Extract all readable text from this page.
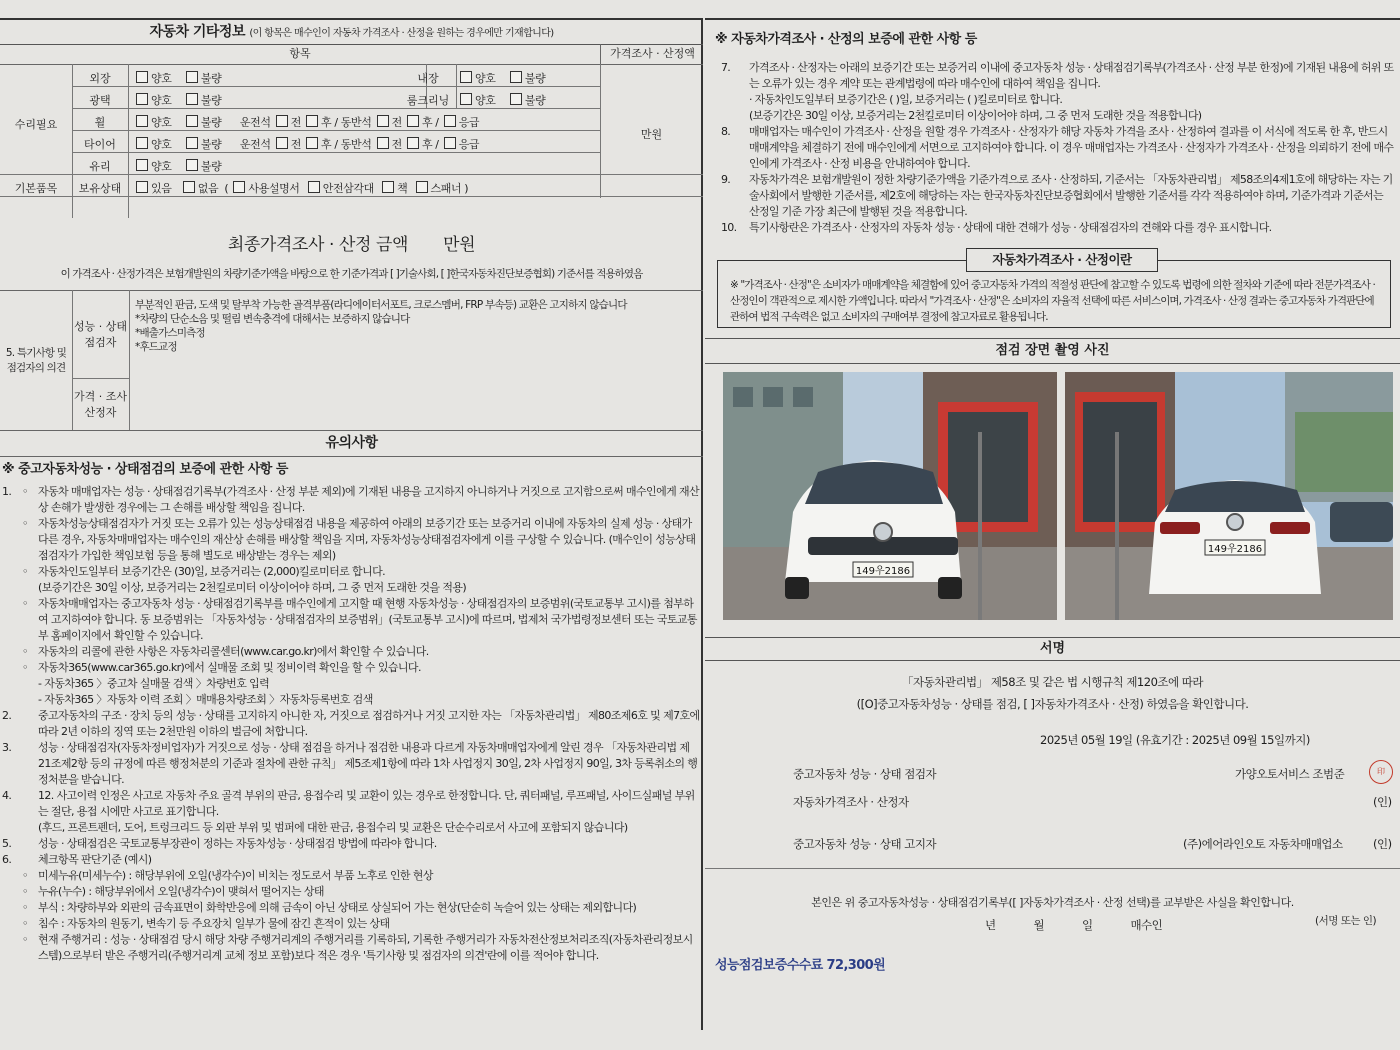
자동차 기타정보 (이 항목은 매수인이 자동차 가격조사 · 산정을 원하는 경우에만 기재합니다)
항목	가격조사 · 산정액
수리필요
만원
외장	양호	불량	내장	양호	불량
광택	양호	불량	룸크리닝	양호	불량
휠	양호	불량 운전석 전 후 / 동반석 전 후 / 응급
타이어	양호	불량 운전석 전 후 / 동반석 전 후 / 응급
유리	양호	불량
기본품목	보유상태	있음 없음  ( 사용설명서 안전삼각대 책 스패너 )
최종가격조사 · 산정 금액 만원
이 가격조사 · 산정가격은 보험개발원의 차량기준가액을 바탕으로 한 기준가격과 [ ]기술사회, [ ]한국자동차진단보증협회) 기준서를 적용하였음
5. 특기사항 및 점검자의 의견
성능 · 상태 점검자
가격 · 조사 산정자
부분적인 판금, 도색 및 탈부착 가능한 골격부품(라디에이터서포트, 크로스멤버, FRP 부속등) 교환은 고지하지 않습니다
*차량의 단순소음 및 떨림 변속충격에 대해서는 보증하지 않습니다
*배출가스미측정
*후드교정
유의사항
※ 중고자동차성능 · 상태점검의 보증에 관한 사항 등
1. ◦ 자동차 매매업자는 성능 · 상태점검기록부(가격조사 · 산정 부분 제외)에 기재된 내용을 고지하지 아니하거나 거짓으로 고지함으로써 매수인에게 재산상 손해가 발생한 경우에는 그 손해를 배상할 책임을 집니다.
◦ 자동차성능상태점검자가 거짓 또는 오류가 있는 성능상태점검 내용을 제공하여 아래의 보증기간 또는 보증거리 이내에 자동차의 실제 성능 · 상태가 다른 경우, 자동차매매업자는 매수인의 재산상 손해를 배상할 책임을 지며, 자동차성능상태점검자에게 이를 구상할 수 있습니다. (매수인이 성능상태점검자가 가입한 책임보험 등을 통해 별도로 배상받는 경우는 제외)
◦ 자동차인도일부터 보증기간은 (30)일, 보증거리는 (2,000)킬로미터로 합니다.
(보증기간은 30일 이상, 보증거리는 2천킬로미터 이상이어야 하며, 그 중 먼저 도래한 것을 적용)
◦ 자동차매매업자는 중고자동차 성능 · 상태점검기록부를 매수인에게 고지할 때 현행 자동차성능 · 상태점검자의 보증범위(국토교통부 고시)를 첨부하여 고지하여야 합니다. 동 보증범위는 「자동차성능 · 상태점검자의 보증범위」(국토교통부 고시)에 따르며, 법제처 국가법령정보센터 또는 국토교통부 홈페이지에서 확인할 수 있습니다.
◦ 자동차의 리콜에 관한 사항은 자동차리콜센터(www.car.go.kr)에서 확인할 수 있습니다.
◦ 자동차365(www.car365.go.kr)에서 실매물 조회 및 정비이력 확인을 할 수 있습니다.
- 자동차365 〉중고차 실매물 검색 〉차량번호 입력
- 자동차365 〉자동차 이력 조회 〉매매용차량조회 〉자동차등록번호 검색
2. 중고자동차의 구조 · 장치 등의 성능 · 상태를 고지하지 아니한 자, 거짓으로 점검하거나 거짓 고지한 자는 「자동차관리법」 제80조제6호 및 제7호에 따라 2년 이하의 징역 또는 2천만원 이하의 벌금에 처합니다.
3. 성능 · 상태점검자(자동차정비업자)가 거짓으로 성능 · 상태 점검을 하거나 점검한 내용과 다르게 자동차매매업자에게 알린 경우 「자동차관리법 제21조제2항 등의 규정에 따른 행정처분의 기준과 절차에 관한 규칙」 제5조제1항에 따라 1차 사업정지 30일, 2차 사업정지 90일, 3차 등록취소의 행정처분을 받습니다.
4. 12. 사고이력 인정은 사고로 자동차 주요 골격 부위의 판금, 용접수리 및 교환이 있는 경우로 한정합니다. 단, 쿼터패널, 루프패널, 사이드실패널 부위는 절단, 용접 시에만 사고로 표기합니다.
(후드, 프론트펜더, 도어, 트렁크리드 등 외판 부위 및 범퍼에 대한 판금, 용접수리 및 교환은 단순수리로서 사고에 포함되지 않습니다)
5. 성능 · 상태점검은 국토교통부장관이 정하는 자동차성능 · 상태점검 방법에 따라야 합니다.
6. 체크항목 판단기준 (예시)
◦ 미세누유(미세누수) : 해당부위에 오일(냉각수)이 비치는 정도로서 부품 노후로 인한 현상
◦ 누유(누수) : 해당부위에서 오일(냉각수)이 맺혀서 떨어지는 상태
◦ 부식 : 차량하부와 외판의 금속표면이 화학반응에 의해 금속이 아닌 상태로 상실되어 가는 현상(단순히 녹슬어 있는 상태는 제외합니다)
◦ 침수 : 자동차의 원동기, 변속기 등 주요장치 일부가 물에 잠긴 흔적이 있는 상태
◦ 현재 주행거리 : 성능 · 상태점검 당시 해당 차량 주행거리계의 주행거리를 기록하되, 기록한 주행거리가 자동차전산정보처리조직(자동차관리정보시스템)으로부터 받은 주행거리(주행거리계 교체 정보 포함)보다 적은 경우 '특기사항 및 점검자의 의견'란에 이를 적어야 합니다.
※ 자동차가격조사 · 산정의 보증에 관한 사항 등
7. 가격조사 · 산정자는 아래의 보증기간 또는 보증거리 이내에 중고자동차 성능 · 상태점검기록부(가격조사 · 산정 부분 한정)에 기재된 내용에 허위 또는 오류가 있는 경우 계약 또는 관계법령에 따라 매수인에 대하여 책임을 집니다.
· 자동차인도일부터 보증기간은 ( )일, 보증거리는 ( )킬로미터로 합니다.
(보증기간은 30일 이상, 보증거리는 2천킬로미터 이상이어야 하며, 그 중 먼저 도래한 것을 적용합니다)
8. 매매업자는 매수인이 가격조사 · 산정을 원할 경우 가격조사 · 산정자가 해당 자동차 가격을 조사 · 산정하여 결과를 이 서식에 적도록 한 후, 반드시 매매계약을 체결하기 전에 매수인에게 서면으로 고지하여야 합니다. 이 경우 매매업자는 가격조사 · 산정자가 가격조사 · 산정을 의뢰하기 전에 매수인에게 가격조사 · 산정 비용을 안내하여야 합니다.
9. 자동차가격은 보험개발원이 정한 차량기준가액을 기준가격으로 조사 · 산정하되, 기준서는 「자동차관리법」 제58조의4제1호에 해당하는 자는 기술사회에서 발행한 기준서를, 제2호에 해당하는 자는 한국자동차진단보증협회에서 발행한 기준서를 각각 적용하여야 하며, 기준가격과 기준서는 산정일 기준 가장 최근에 발행된 것을 적용합니다.
10. 특기사항란은 가격조사 · 산정자의 자동차 성능 · 상태에 대한 견해가 성능 · 상태점검자의 견해와 다를 경우 표시합니다.
자동차가격조사 · 산정이란
※ "가격조사 · 산정"은 소비자가 매매계약을 체결함에 있어 중고자동차 가격의 적절성 판단에 참고할 수 있도록 법령에 의한 절차와 기준에 따라 전문가격조사 · 산정인이 객관적으로 제시한 가액입니다. 따라서 "가격조사 · 산정"은 소비자의 자율적 선택에 따른 서비스이며, 가격조사 · 산정 결과는 중고자동차 가격판단에 관하여 법적 구속력은 없고 소비자의 구매여부 결정에 참고자료로 활용됩니다.
점검 장면 촬영 사진
149우2186
149우2186
서명
「자동차관리법」 제58조 및 같은 법 시행규칙 제120조에 따라
([O]중고자동차성능 · 상태를 점검, [ ]자동차가격조사 · 산정) 하였음을 확인합니다.
2025년 05월 19일 (유효기간 : 2025년 09월 15일까지)
중고자동차 성능 · 상태 점검자	가양오토서비스 조범준	印
자동차가격조사 · 산정자	(인)
중고자동차 성능 · 상태 고지자	(주)에어라인오토 자동차매매업소	(인)
본인은 위 중고자동차성능 · 상태점검기록부([ ]자동차가격조사 · 산정 선택)를 교부받은 사실을 확인합니다.
년	월	일	매수인	(서명 또는 인)
성능점검보증수수료 72,300원
